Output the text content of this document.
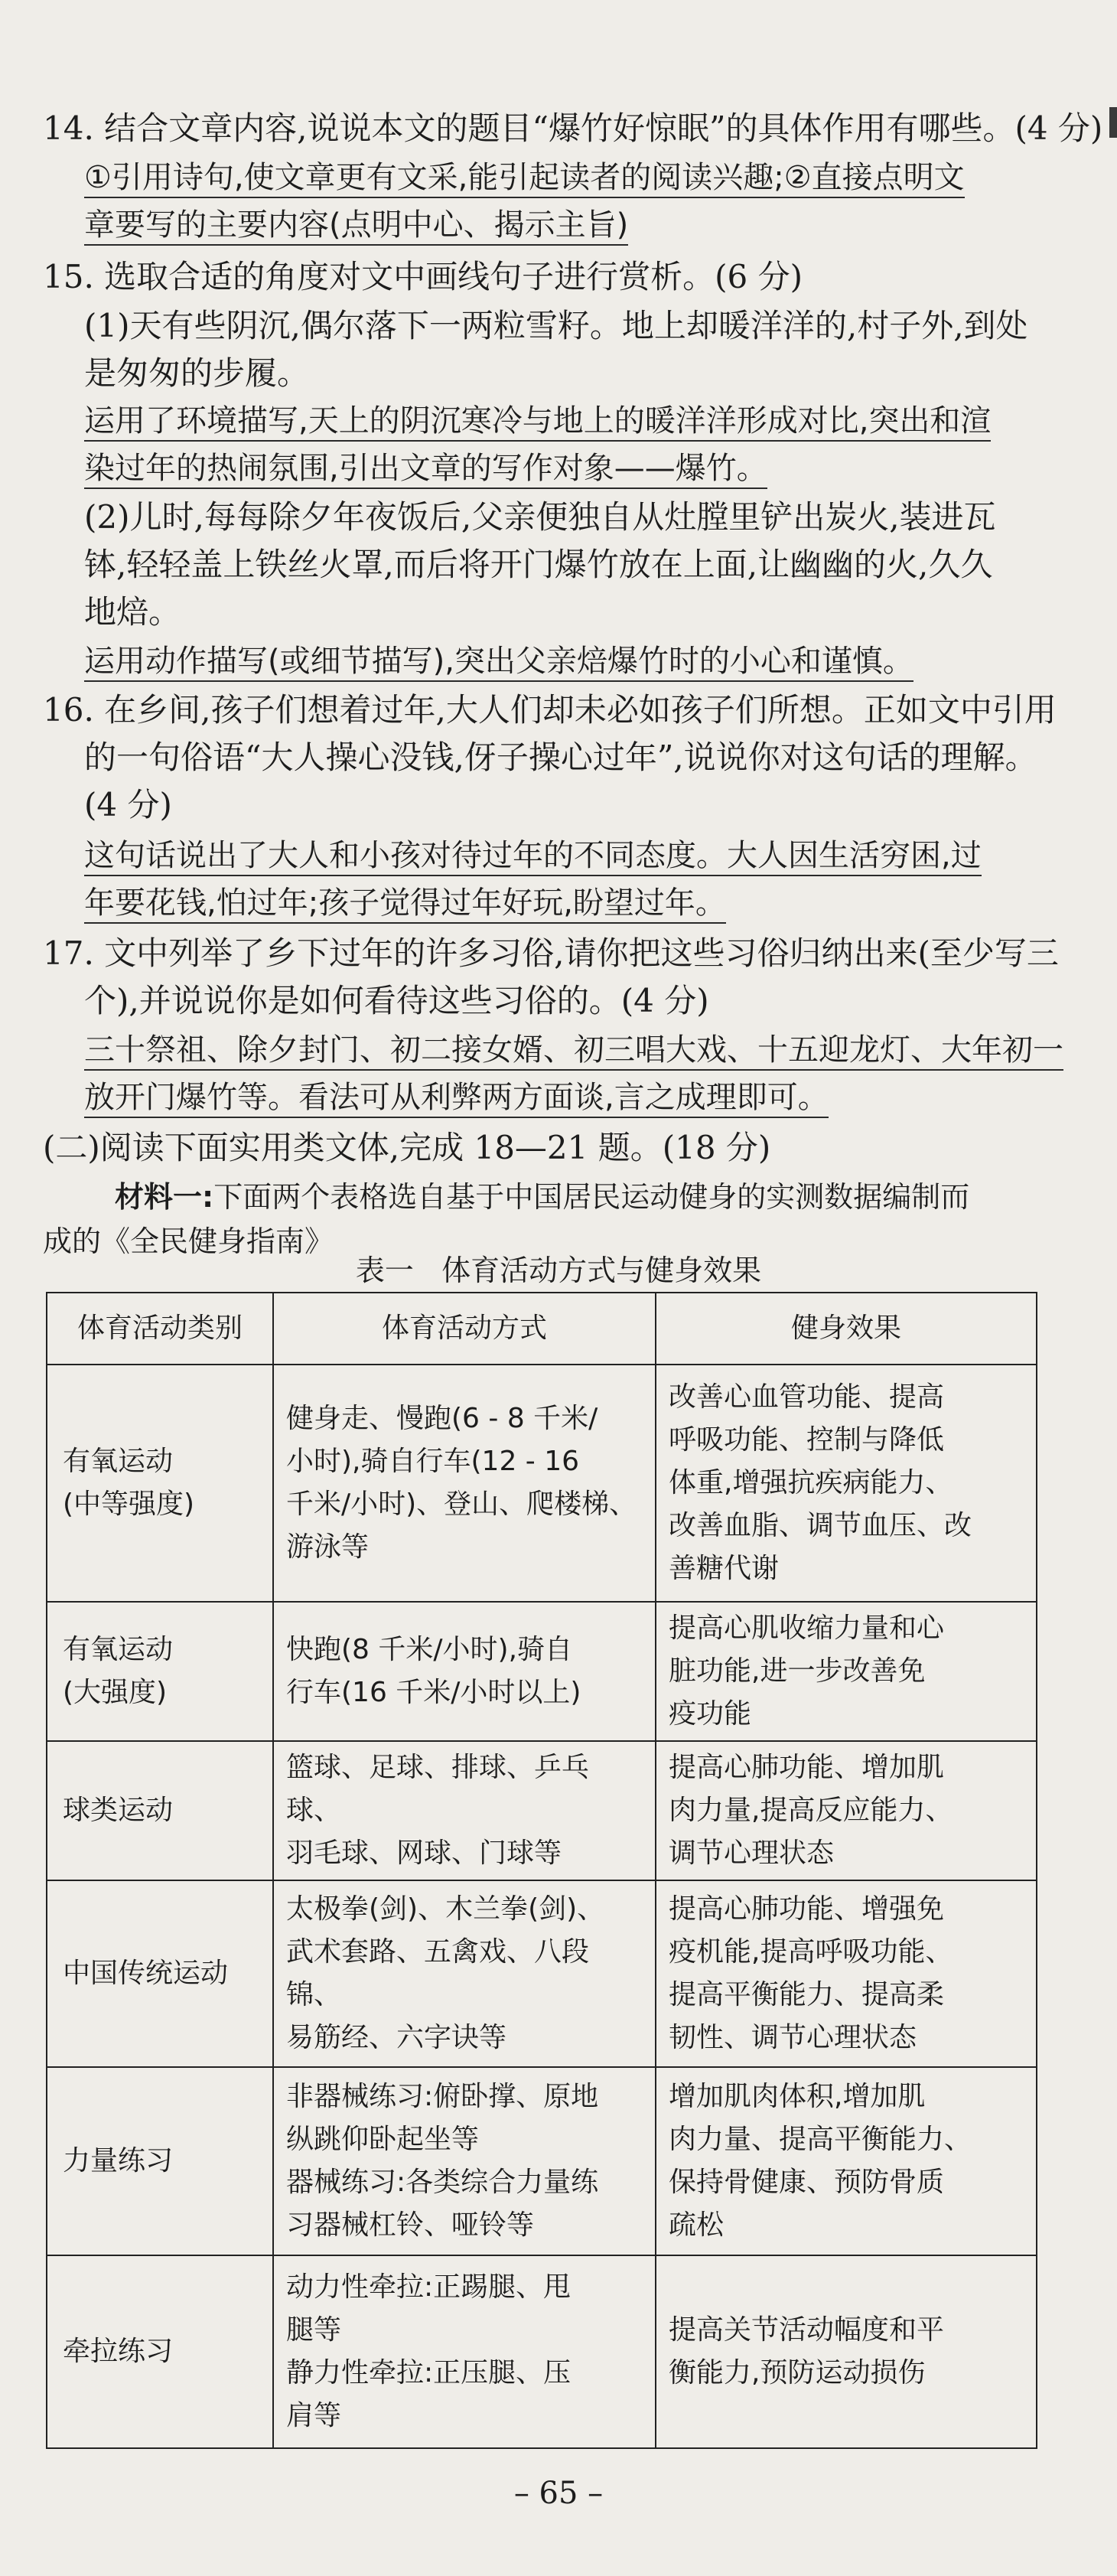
14. 结合文章内容,说说本文的题目“爆竹好惊眠”的具体作用有哪些。(4 分)
①引用诗句,使文章更有文采,能引起读者的阅读兴趣;②直接点明文
章要写的主要内容(点明中心、揭示主旨)
15. 选取合适的角度对文中画线句子进行赏析。(6 分)
(1)天有些阴沉,偶尔落下一两粒雪籽。地上却暖洋洋的,村子外,到处
是匆匆的步履。
运用了环境描写,天上的阴沉寒冷与地上的暖洋洋形成对比,突出和渲
染过年的热闹氛围,引出文章的写作对象——爆竹。
(2)儿时,每每除夕年夜饭后,父亲便独自从灶膛里铲出炭火,装进瓦
钵,轻轻盖上铁丝火罩,而后将开门爆竹放在上面,让幽幽的火,久久
地焙。
运用动作描写(或细节描写),突出父亲焙爆竹时的小心和谨慎。
16. 在乡间,孩子们想着过年,大人们却未必如孩子们所想。正如文中引用
的一句俗语“大人操心没钱,伢子操心过年”,说说你对这句话的理解。
(4 分)
这句话说出了大人和小孩对待过年的不同态度。大人因生活穷困,过
年要花钱,怕过年;孩子觉得过年好玩,盼望过年。
17. 文中列举了乡下过年的许多习俗,请你把这些习俗归纳出来(至少写三
个),并说说你是如何看待这些习俗的。(4 分)
三十祭祖、除夕封门、初二接女婿、初三唱大戏、十五迎龙灯、大年初一
放开门爆竹等。看法可从利弊两方面谈,言之成理即可。
(二)阅读下面实用类文体,完成 18—21 题。(18 分)
材料一:下面两个表格选自基于中国居民运动健身的实测数据编制而
成的《全民健身指南》
表一   体育活动方式与健身效果
体育活动类别	体育活动方式	健身效果
有氧运动
(中等强度)	健身走、慢跑(6 - 8 千米/
小时),骑自行车(12 - 16
千米/小时)、登山、爬楼梯、
游泳等	改善心血管功能、提高
呼吸功能、控制与降低
体重,增强抗疾病能力、
改善血脂、调节血压、改
善糖代谢
有氧运动
(大强度)	快跑(8 千米/小时),骑自
行车(16 千米/小时以上)	提高心肌收缩力量和心
脏功能,进一步改善免
疫功能
球类运动	篮球、足球、排球、乒乓球、
羽毛球、网球、门球等	提高心肺功能、增加肌
肉力量,提高反应能力、
调节心理状态
中国传统运动	太极拳(剑)、木兰拳(剑)、
武术套路、五禽戏、八段锦、
易筋经、六字诀等	提高心肺功能、增强免
疫机能,提高呼吸功能、
提高平衡能力、提高柔
韧性、调节心理状态
力量练习	非器械练习:俯卧撑、原地
纵跳仰卧起坐等
器械练习:各类综合力量练
习器械杠铃、哑铃等	增加肌肉体积,增加肌
肉力量、提高平衡能力、
保持骨健康、预防骨质
疏松
牵拉练习	动力性牵拉:正踢腿、甩
腿等
静力性牵拉:正压腿、压
肩等	提高关节活动幅度和平
衡能力,预防运动损伤
– 65 –
